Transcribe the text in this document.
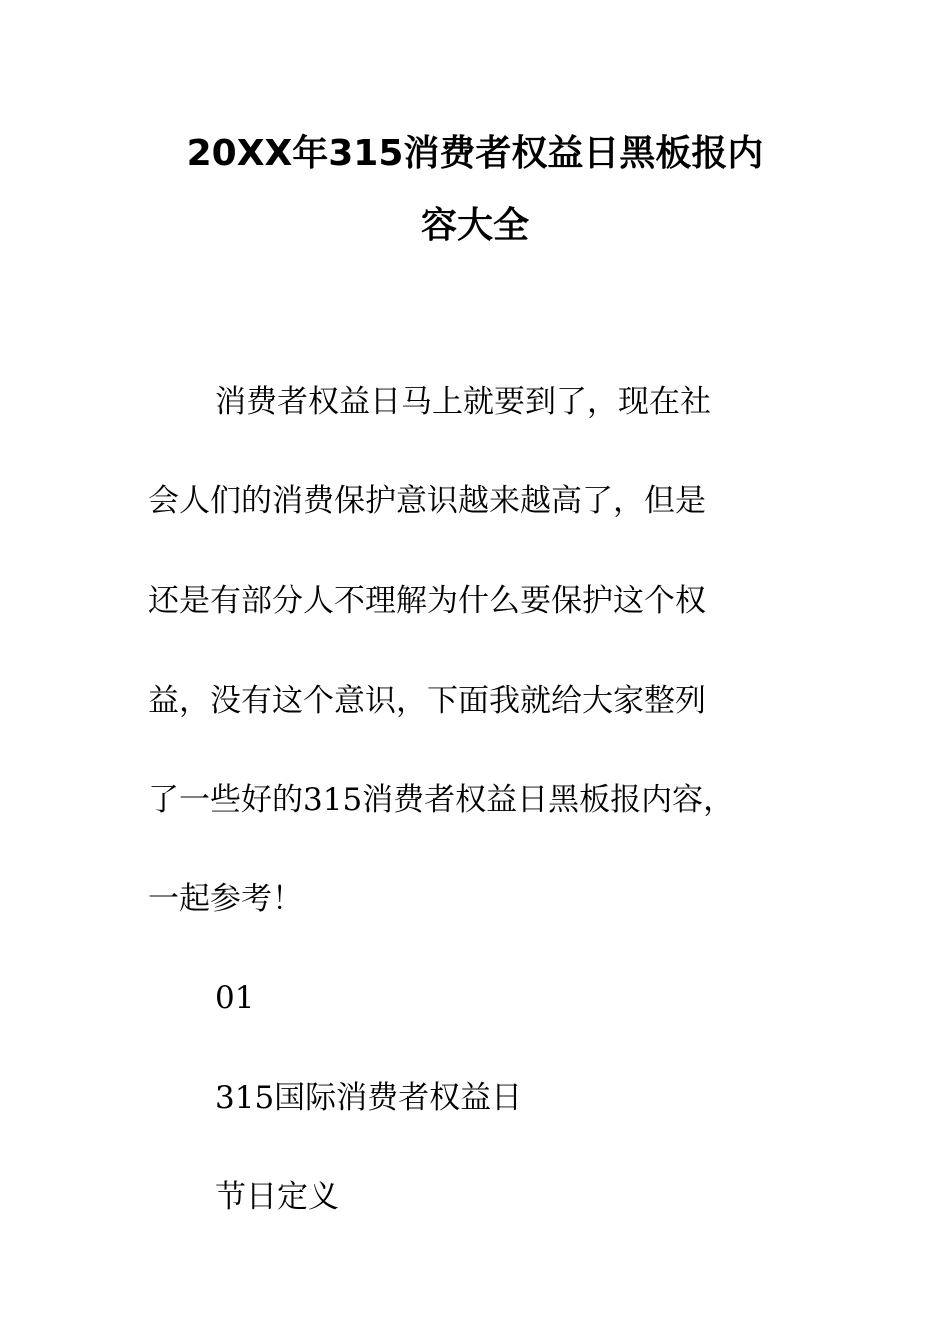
20XX年315消费者权益日黑板报内
容大全

消费者权益日马上就要到了，现在社

会人们的消费保护意识越来越高了，但是

还是有部分人不理解为什么要保护这个权

益，没有这个意识，下面我就给大家整列

了一些好的315消费者权益日黑板报内容，

一起参考！

01

315国际消费者权益日

节日定义
